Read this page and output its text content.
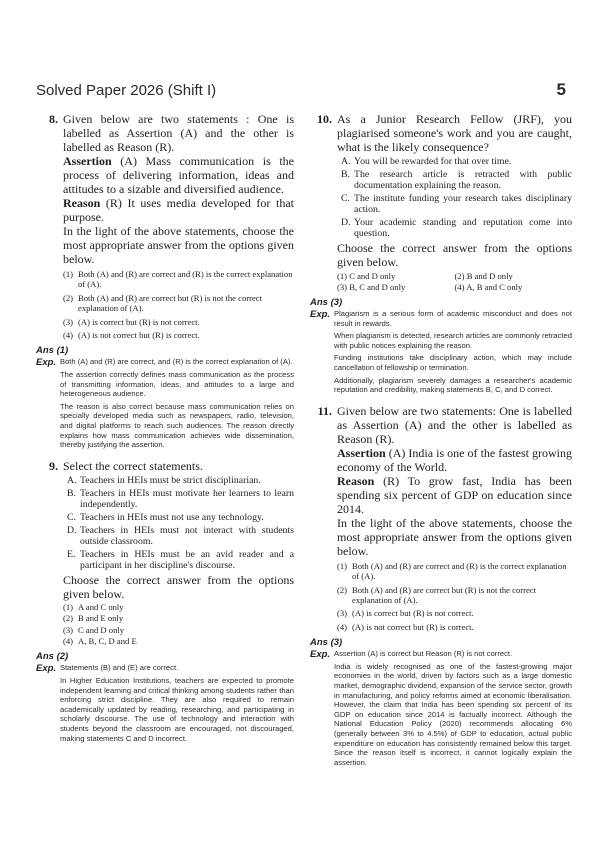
Solved Paper 2026 (Shift I)	5
8. Given below are two statements : One is labelled as Assertion (A) and the other is labelled as Reason (R).
Assertion (A) Mass communication is the process of delivering information, ideas and attitudes to a sizable and diversified audience.
Reason (R) It uses media developed for that purpose.
In the light of the above statements, choose the most appropriate answer from the options given below.
(1) Both (A) and (R) are correct and (R) is the correct explanation of (A).
(2) Both (A) and (R) are correct but (R) is not the correct explanation of (A).
(3) (A) is correct but (R) is not correct.
(4) (A) is not correct but (R) is correct.
Ans (1)
Exp. Both (A) and (R) are correct, and (R) is the correct explanation of (A).

The assertion correctly defines mass communication as the process of transmitting information, ideas, and attitudes to a large and heterogeneous audience.

The reason is also correct because mass communication relies on specially developed media such as newspapers, radio, television, and digital platforms to reach such audiences. The reason directly explains how mass communication achieves wide dissemination, thereby justifying the assertion.

9. Select the correct statements.
A. Teachers in HEIs must be strict disciplinarian.
B. Teachers in HEIs must motivate her learners to learn independently.
C. Teachers in HEIs must not use any technology.
D. Teachers in HEIs must not interact with students outside classroom.
E. Teachers in HEIs must be an avid reader and a participant in her discipline's discourse.
Choose the correct answer from the options given below.
(1) A and C only
(2) B and E only
(3) C and D only
(4) A, B, C, D and E
Ans (2)
Exp. Statements (B) and (E) are correct.

In Higher Education Institutions, teachers are expected to promote independent learning and critical thinking among students rather than enforcing strict discipline. They are also required to remain academically updated by reading, researching, and participating in scholarly discourse. The use of technology and interaction with students beyond the classroom are encouraged, not discouraged, making statements C and D incorrect.

10. As a Junior Research Fellow (JRF), you plagiarised someone's work and you are caught, what is the likely consequence?
A. You will be rewarded for that over time.
B. The research article is retracted with public documentation explaining the reason.
C. The institute funding your research takes disciplinary action.
D. Your academic standing and reputation come into question.
Choose the correct answer from the options given below.
(1) C and D only	(2) B and D only
(3) B, C and D only	(4) A, B and C only
Ans (3)
Exp. Plagiarism is a serious form of academic misconduct and does not result in rewards.

When plagiarism is detected, research articles are commonly retracted with public notices explaining the reason.

Funding institutions take disciplinary action, which may include cancellation of fellowship or termination.

Additionally, plagiarism severely damages a researcher's academic reputation and credibility, making statements B, C, and D correct.

11. Given below are two statements: One is labelled as Assertion (A) and the other is labelled as Reason (R).
Assertion (A) India is one of the fastest growing economy of the World.
Reason (R) To grow fast, India has been spending six percent of GDP on education since 2014.
In the light of the above statements, choose the most appropriate answer from the options given below.
(1) Both (A) and (R) are correct and (R) is the correct explanation of (A).
(2) Both (A) and (R) are correct but (R) is not the correct explanation of (A).
(3) (A) is correct but (R) is not correct.
(4) (A) is not correct but (R) is correct.
Ans (3)
Exp. Assertion (A) is correct but Reason (R) is not correct.

India is widely recognised as one of the fastest-growing major economies in the world, driven by factors such as a large domestic market, demographic dividend, expansion of the service sector, growth in manufacturing, and policy reforms aimed at economic liberalisation. However, the claim that India has been spending six percent of its GDP on education since 2014 is factually incorrect. Although the National Education Policy (2020) recommends allocating 6% (generally between 3% to 4.5%) of GDP to education, actual public expenditure on education has consistently remained below this target. Since the reason itself is incorrect, it cannot logically explain the assertion.
